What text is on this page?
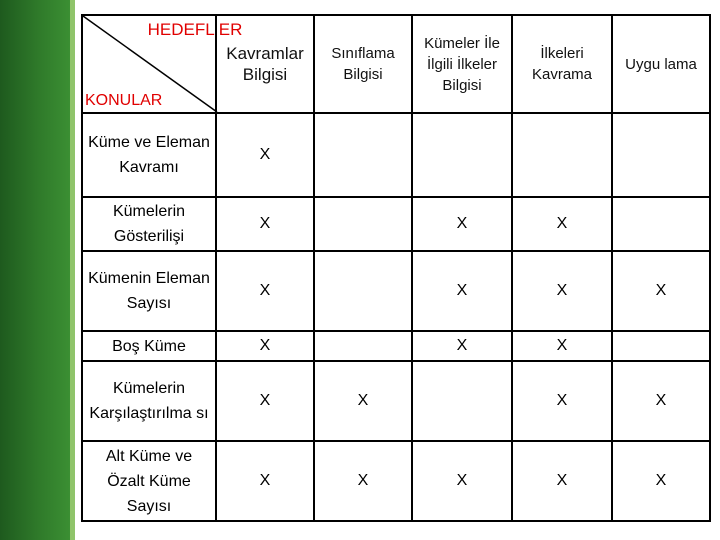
HEDEFL ER
KONULAR	Kavramlar Bilgisi	Sınıflama Bilgisi	Kümeler İle İlgili İlkeler Bilgisi	İlkeleri Kavrama	Uygu lama
Küme ve Eleman Kavramı	X				
Kümelerin Gösterilişi	X		X	X	
Kümenin Eleman Sayısı	X		X	X	X
Boş Küme	X		X	X	
Kümelerin Karşılaştırılma sı	X	X		X	X
Alt Küme ve Özalt Küme Sayısı	X	X	X	X	X
